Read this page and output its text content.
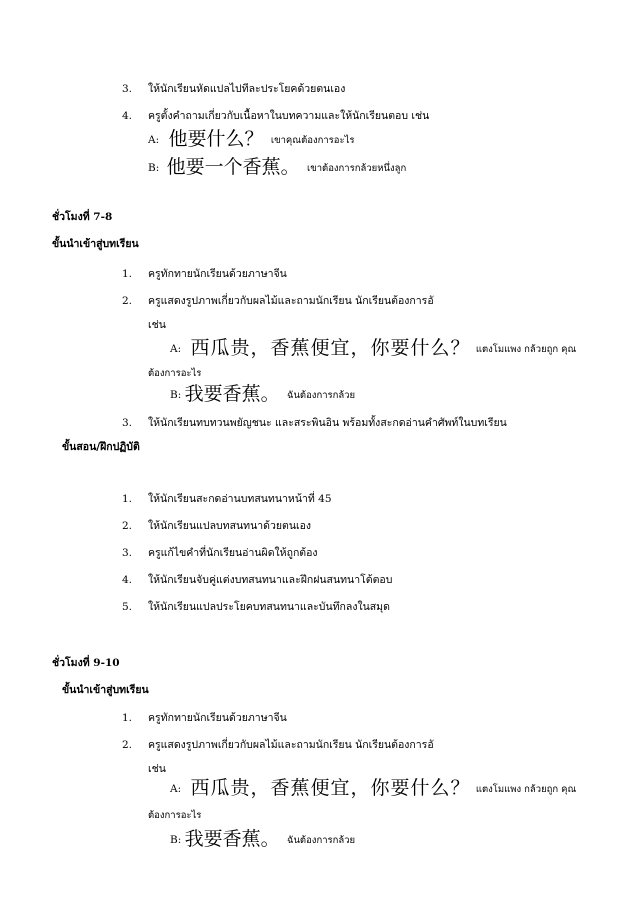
3. ให้นักเรียนหัดแปลไปทีละประโยคด้วยตนเอง
4. ครูตั้งคำถามเกี่ยวกับเนื้อหาในบทความและให้นักเรียนตอบ เช่น
A: 他要什么？ เขาคุณต้องการอะไร
B: 他要一个香蕉。 เขาต้องการกล้วยหนึ่งลูก
ชั่วโมงที่ 7-8
ขั้นนำเข้าสู่บทเรียน
1. ครูทักทายนักเรียนด้วยภาษาจีน
2. ครูแสดงรูปภาพเกี่ยวกับผลไม้และถามนักเรียน นักเรียนต้องการอั
เช่น
A: 西瓜贵，香蕉便宜，你要什么？ แตงโมแพง กล้วยถูก คุณ
ต้องการอะไร
B: 我要香蕉。 ฉันต้องการกล้วย
3. ให้นักเรียนทบทวนพยัญชนะ และสระพินอิน พร้อมทั้งสะกดอ่านคำศัพท์ในบทเรียน
ขั้นสอน/ฝึกปฏิบัติ
1. ให้นักเรียนสะกดอ่านบทสนทนาหน้าที่ 45
2. ให้นักเรียนแปลบทสนทนาด้วยตนเอง
3. ครูแก้ไขคำที่นักเรียนอ่านผิดให้ถูกต้อง
4. ให้นักเรียนจับคู่แต่งบทสนทนาและฝึกฝนสนทนาโต้ตอบ
5. ให้นักเรียนแปลประโยคบทสนทนาและบันทึกลงในสมุด
ชั่วโมงที่ 9-10
ขั้นนำเข้าสู่บทเรียน
1. ครูทักทายนักเรียนด้วยภาษาจีน
2. ครูแสดงรูปภาพเกี่ยวกับผลไม้และถามนักเรียน นักเรียนต้องการอั
เช่น
A: 西瓜贵，香蕉便宜，你要什么？ แตงโมแพง กล้วยถูก คุณ
ต้องการอะไร
B: 我要香蕉。 ฉันต้องการกล้วย
